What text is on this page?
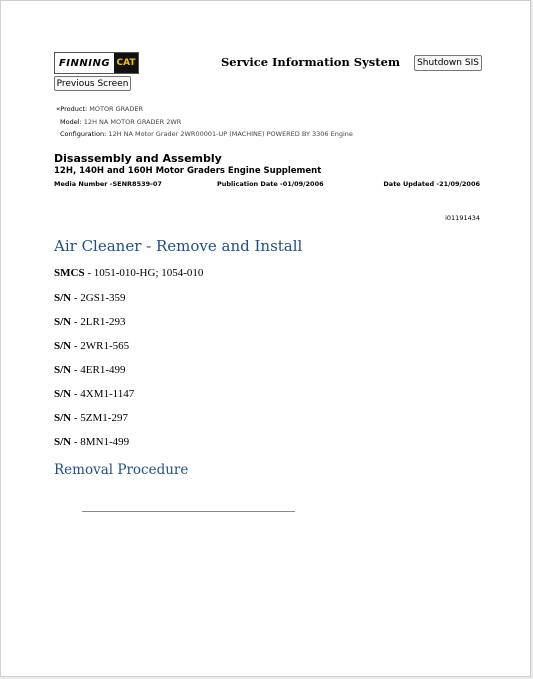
FINNING CAT	Service Information System	Shutdown SIS
Previous Screen
«Product: MOTOR GRADER
Model: 12H NA MOTOR GRADER 2WR
Configuration: 12H NA Motor Grader 2WR00001-UP (MACHINE) POWERED BY 3306 Engine
Disassembly and Assembly
12H, 140H and 160H Motor Graders Engine Supplement
Media Number -SENR8539-07	Publication Date -01/09/2006	Date Updated -21/09/2006
i01191434
Air Cleaner - Remove and Install
SMCS - 1051-010-HG; 1054-010
S/N - 2GS1-359
S/N - 2LR1-293
S/N - 2WR1-565
S/N - 4ER1-499
S/N - 4XM1-1147
S/N - 5ZM1-297
S/N - 8MN1-499
Removal Procedure
